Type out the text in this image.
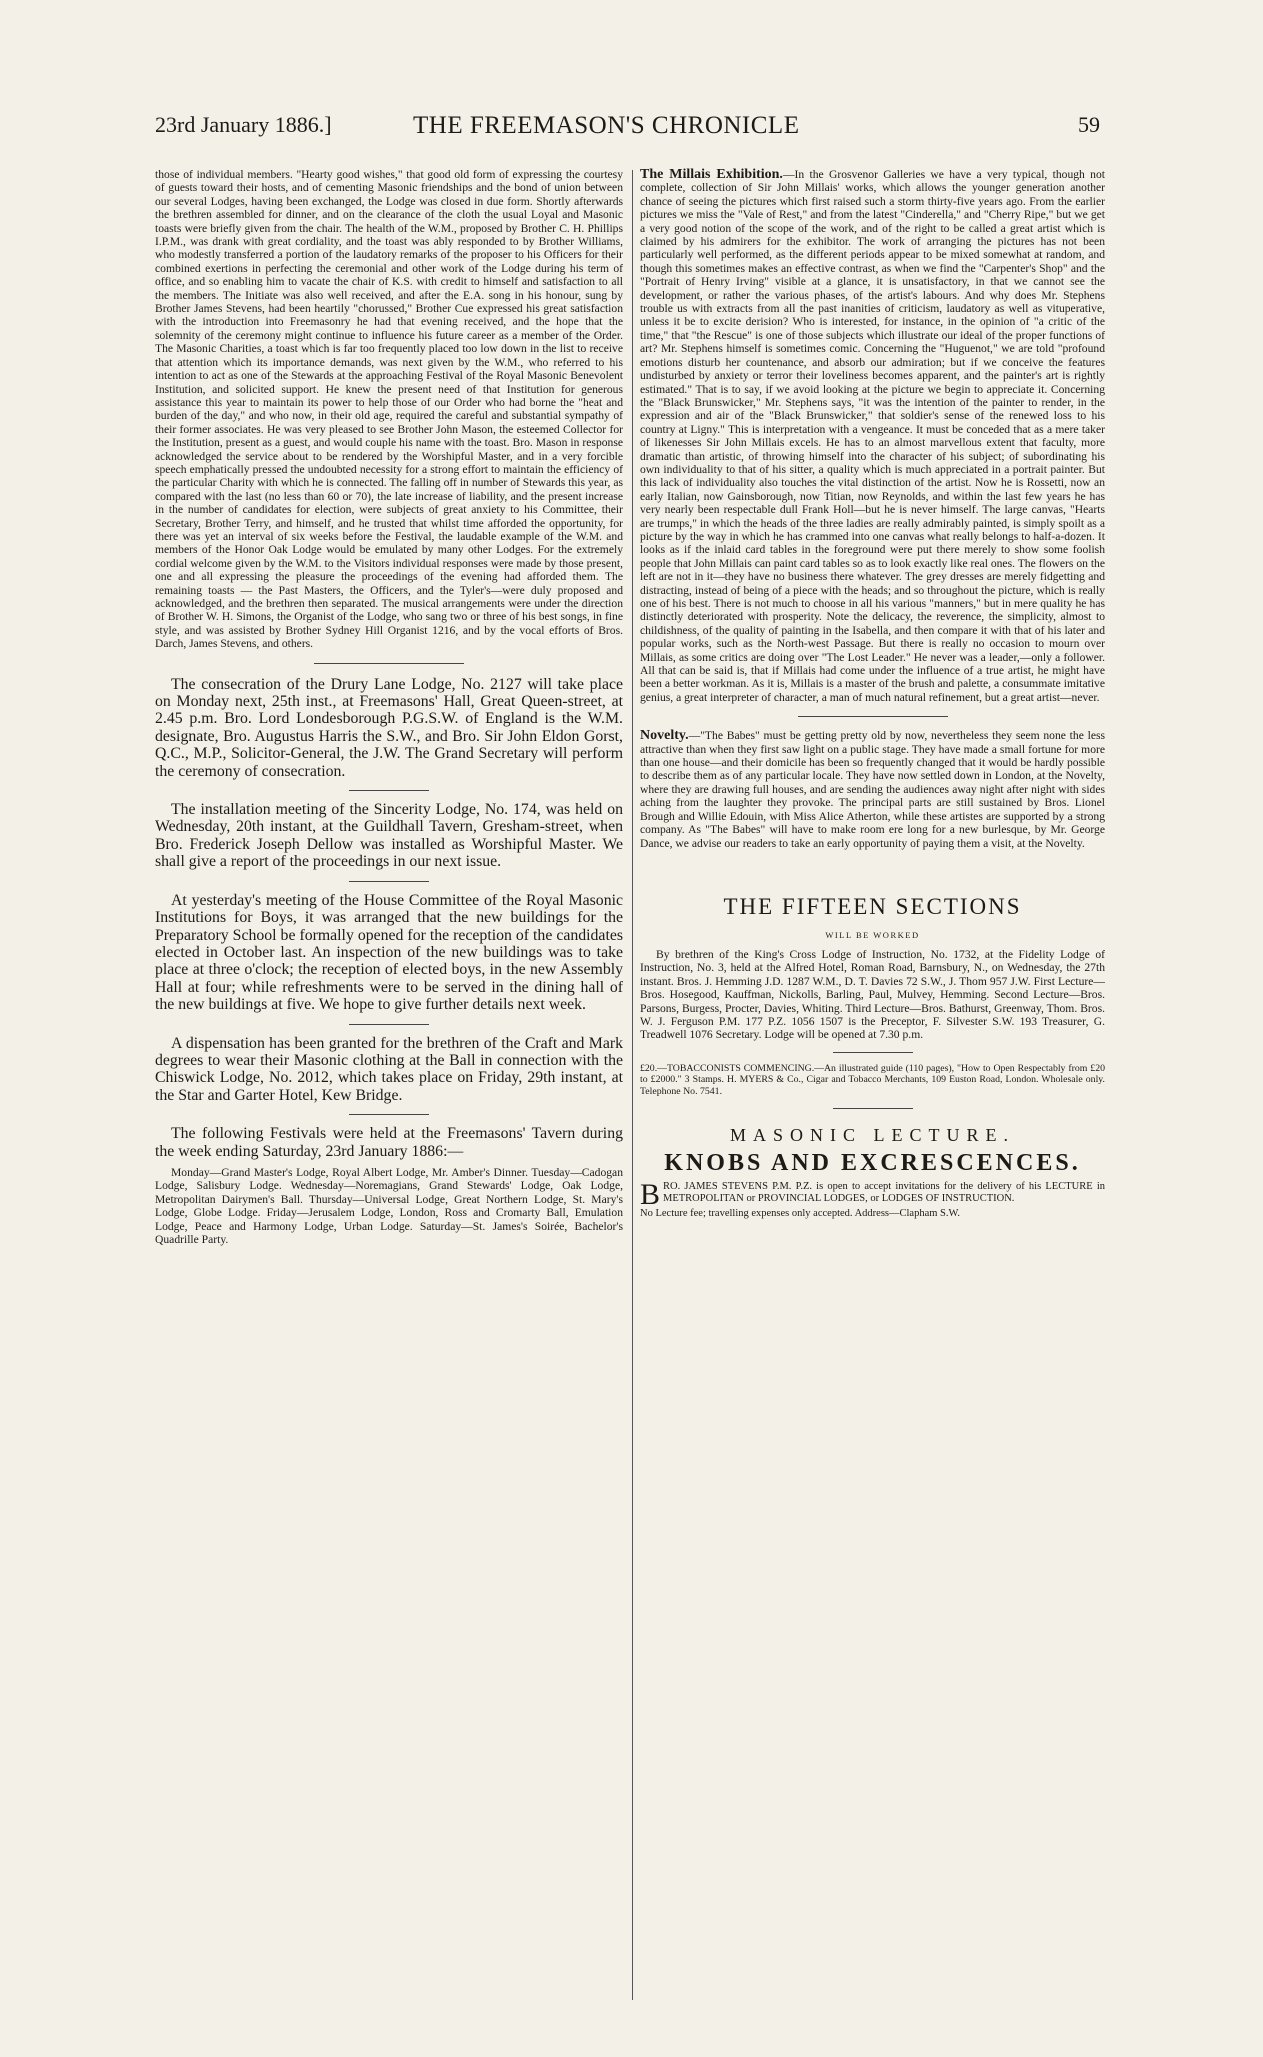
23rd January 1886.]	THE FREEMASON'S CHRONICLE	59

those of individual members. "Hearty good wishes," that good old form of expressing the courtesy of guests toward their hosts, and of cementing Masonic friendships and the bond of union between our several Lodges, having been exchanged, the Lodge was closed in due form. Shortly afterwards the brethren assembled for dinner, and on the clearance of the cloth the usual Loyal and Masonic toasts were briefly given from the chair. The health of the W.M., proposed by Brother C. H. Phillips I.P.M., was drank with great cordiality, and the toast was ably responded to by Brother Williams, who modestly transferred a portion of the laudatory remarks of the proposer to his Officers for their combined exertions in perfecting the ceremonial and other work of the Lodge during his term of office, and so enabling him to vacate the chair of K.S. with credit to himself and satisfaction to all the members. The Initiate was also well received, and after the E.A. song in his honour, sung by Brother James Stevens, had been heartily "chorussed," Brother Cue expressed his great satisfaction with the introduction into Freemasonry he had that evening received, and the hope that the solemnity of the ceremony might continue to influence his future career as a member of the Order. The Masonic Charities, a toast which is far too frequently placed too low down in the list to receive that attention which its importance demands, was next given by the W.M., who referred to his intention to act as one of the Stewards at the approaching Festival of the Royal Masonic Benevolent Institution, and solicited support. He knew the present need of that Institution for generous assistance this year to maintain its power to help those of our Order who had borne the "heat and burden of the day," and who now, in their old age, required the careful and substantial sympathy of their former associates. He was very pleased to see Brother John Mason, the esteemed Collector for the Institution, present as a guest, and would couple his name with the toast. Bro. Mason in response acknowledged the service about to be rendered by the Worshipful Master, and in a very forcible speech emphatically pressed the undoubted necessity for a strong effort to maintain the efficiency of the particular Charity with which he is connected. The falling off in number of Stewards this year, as compared with the last (no less than 60 or 70), the late increase of liability, and the present increase in the number of candidates for election, were subjects of great anxiety to his Committee, their Secretary, Brother Terry, and himself, and he trusted that whilst time afforded the opportunity, for there was yet an interval of six weeks before the Festival, the laudable example of the W.M. and members of the Honor Oak Lodge would be emulated by many other Lodges. For the extremely cordial welcome given by the W.M. to the Visitors individual responses were made by those present, one and all expressing the pleasure the proceedings of the evening had afforded them. The remaining toasts — the Past Masters, the Officers, and the Tyler's—were duly proposed and acknowledged, and the brethren then separated. The musical arrangements were under the direction of Brother W. H. Simons, the Organist of the Lodge, who sang two or three of his best songs, in fine style, and was assisted by Brother Sydney Hill Organist 1216, and by the vocal efforts of Bros. Darch, James Stevens, and others.

The consecration of the Drury Lane Lodge, No. 2127 will take place on Monday next, 25th inst., at Freemasons' Hall, Great Queen-street, at 2.45 p.m. Bro. Lord Londesborough P.G.S.W. of England is the W.M. designate, Bro. Augustus Harris the S.W., and Bro. Sir John Eldon Gorst, Q.C., M.P., Solicitor-General, the J.W. The Grand Secretary will perform the ceremony of consecration.

The installation meeting of the Sincerity Lodge, No. 174, was held on Wednesday, 20th instant, at the Guildhall Tavern, Gresham-street, when Bro. Frederick Joseph Dellow was installed as Worshipful Master. We shall give a report of the proceedings in our next issue.

At yesterday's meeting of the House Committee of the Royal Masonic Institutions for Boys, it was arranged that the new buildings for the Preparatory School be formally opened for the reception of the candidates elected in October last. An inspection of the new buildings was to take place at three o'clock; the reception of elected boys, in the new Assembly Hall at four; while refreshments were to be served in the dining hall of the new buildings at five. We hope to give further details next week.

A dispensation has been granted for the brethren of the Craft and Mark degrees to wear their Masonic clothing at the Ball in connection with the Chiswick Lodge, No. 2012, which takes place on Friday, 29th instant, at the Star and Garter Hotel, Kew Bridge.

The following Festivals were held at the Freemasons' Tavern during the week ending Saturday, 23rd January 1886:—

Monday—Grand Master's Lodge, Royal Albert Lodge, Mr. Amber's Dinner. Tuesday—Cadogan Lodge, Salisbury Lodge. Wednesday—Noremagians, Grand Stewards' Lodge, Oak Lodge, Metropolitan Dairymen's Ball. Thursday—Universal Lodge, Great Northern Lodge, St. Mary's Lodge, Globe Lodge. Friday—Jerusalem Lodge, London, Ross and Cromarty Ball, Emulation Lodge, Peace and Harmony Lodge, Urban Lodge. Saturday—St. James's Soirée, Bachelor's Quadrille Party.

The Millais Exhibition.—In the Grosvenor Galleries we have a very typical, though not complete, collection of Sir John Millais' works, which allows the younger generation another chance of seeing the pictures which first raised such a storm thirty-five years ago. From the earlier pictures we miss the "Vale of Rest," and from the latest "Cinderella," and "Cherry Ripe," but we get a very good notion of the scope of the work, and of the right to be called a great artist which is claimed by his admirers for the exhibitor. The work of arranging the pictures has not been particularly well performed, as the different periods appear to be mixed somewhat at random, and though this sometimes makes an effective contrast, as when we find the "Carpenter's Shop" and the "Portrait of Henry Irving" visible at a glance, it is unsatisfactory, in that we cannot see the development, or rather the various phases, of the artist's labours. And why does Mr. Stephens trouble us with extracts from all the past inanities of criticism, laudatory as well as vituperative, unless it be to excite derision? Who is interested, for instance, in the opinion of "a critic of the time," that "the Rescue" is one of those subjects which illustrate our ideal of the proper functions of art? Mr. Stephens himself is sometimes comic. Concerning the "Huguenot," we are told "profound emotions disturb her countenance, and absorb our admiration; but if we conceive the features undisturbed by anxiety or terror their loveliness becomes apparent, and the painter's art is rightly estimated." That is to say, if we avoid looking at the picture we begin to appreciate it. Concerning the "Black Brunswicker," Mr. Stephens says, "it was the intention of the painter to render, in the expression and air of the "Black Brunswicker," that soldier's sense of the renewed loss to his country at Ligny." This is interpretation with a vengeance. It must be conceded that as a mere taker of likenesses Sir John Millais excels. He has to an almost marvellous extent that faculty, more dramatic than artistic, of throwing himself into the character of his subject; of subordinating his own individuality to that of his sitter, a quality which is much appreciated in a portrait painter. But this lack of individuality also touches the vital distinction of the artist. Now he is Rossetti, now an early Italian, now Gainsborough, now Titian, now Reynolds, and within the last few years he has very nearly been respectable dull Frank Holl—but he is never himself. The large canvas, "Hearts are trumps," in which the heads of the three ladies are really admirably painted, is simply spoilt as a picture by the way in which he has crammed into one canvas what really belongs to half-a-dozen. It looks as if the inlaid card tables in the foreground were put there merely to show some foolish people that John Millais can paint card tables so as to look exactly like real ones. The flowers on the left are not in it—they have no business there whatever. The grey dresses are merely fidgetting and distracting, instead of being of a piece with the heads; and so throughout the picture, which is really one of his best. There is not much to choose in all his various "manners," but in mere quality he has distinctly deteriorated with prosperity. Note the delicacy, the reverence, the simplicity, almost to childishness, of the quality of painting in the Isabella, and then compare it with that of his later and popular works, such as the North-west Passage. But there is really no occasion to mourn over Millais, as some critics are doing over "The Lost Leader." He never was a leader,—only a follower. All that can be said is, that if Millais had come under the influence of a true artist, he might have been a better workman. As it is, Millais is a master of the brush and palette, a consummate imitative genius, a great interpreter of character, a man of much natural refinement, but a great artist—never.

Novelty.—"The Babes" must be getting pretty old by now, nevertheless they seem none the less attractive than when they first saw light on a public stage. They have made a small fortune for more than one house—and their domicile has been so frequently changed that it would be hardly possible to describe them as of any particular locale. They have now settled down in London, at the Novelty, where they are drawing full houses, and are sending the audiences away night after night with sides aching from the laughter they provoke. The principal parts are still sustained by Bros. Lionel Brough and Willie Edouin, with Miss Alice Atherton, while these artistes are supported by a strong company. As "The Babes" will have to make room ere long for a new burlesque, by Mr. George Dance, we advise our readers to take an early opportunity of paying them a visit, at the Novelty.

THE FIFTEEN SECTIONS
WILL BE WORKED

By brethren of the King's Cross Lodge of Instruction, No. 1732, at the Fidelity Lodge of Instruction, No. 3, held at the Alfred Hotel, Roman Road, Barnsbury, N., on Wednesday, the 27th instant. Bros. J. Hemming J.D. 1287 W.M., D. T. Davies 72 S.W., J. Thom 957 J.W. First Lecture—Bros. Hosegood, Kauffman, Nickolls, Barling, Paul, Mulvey, Hemming. Second Lecture—Bros. Parsons, Burgess, Procter, Davies, Whiting. Third Lecture—Bros. Bathurst, Greenway, Thom. Bros. W. J. Ferguson P.M. 177 P.Z. 1056 1507 is the Preceptor, F. Silvester S.W. 193 Treasurer, G. Treadwell 1076 Secretary. Lodge will be opened at 7.30 p.m.

£20.—TOBACCONISTS COMMENCING.—An illustrated guide (110 pages), "How to Open Respectably from £20 to £2000." 3 Stamps. H. MYERS & Co., Cigar and Tobacco Merchants, 109 Euston Road, London. Wholesale only. Telephone No. 7541.

MASONIC LECTURE.
KNOBS AND EXCRESCENCES.
B RO. JAMES STEVENS P.M. P.Z. is open to accept invitations for the delivery of his LECTURE in METROPOLITAN or PROVINCIAL LODGES, or LODGES OF INSTRUCTION.
No Lecture fee; travelling expenses only accepted. Address—Clapham S.W.
